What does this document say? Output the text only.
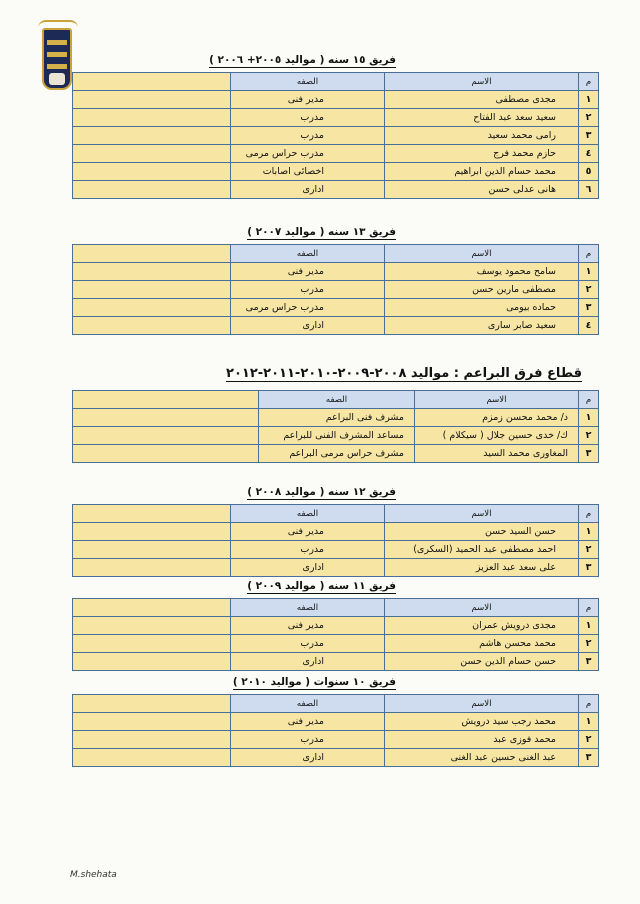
فريق ١٥ سنه ( مواليد ٢٠٠٥+ ٢٠٠٦ )
م	الاسم	الصفه	
١	مجدى مصطفى	مدير فنى	
٢	سعيد سعد عبد الفتاح	مدرب	
٣	رامى محمد سعيد	مدرب	
٤	حازم محمد فرج	مدرب حراس مرمى	
٥	محمد حسام الدين ابراهيم	اخصائى اصابات	
٦	هانى عدلى حسن	ادارى	
فريق ١٣ سنه ( مواليد ٢٠٠٧ )
م	الاسم	الصفه	
١	سامح محمود يوسف	مدير فنى	
٢	مصطفى مارين حسن	مدرب	
٣	حماده بيومى	مدرب حراس مرمى	
٤	سعيد صابر سارى	ادارى	
قطاع فرق البراعم : مواليد ٢٠٠٨-٢٠٠٩-٢٠١٠-٢٠١١-٢٠١٢
م	الاسم	الصفه	
١	د/ محمد محسن زمزم	مشرف فنى البراعم	
٢	ك/ خدى حسين جلال ( سيكلام )	مساعد المشرف الفنى للبراعم	
٣	المغاورى محمد السيد	مشرف حراس مرمى البراعم	
فريق ١٢ سنه ( مواليد ٢٠٠٨ )
م	الاسم	الصفه	
١	حسن السيد حسن	مدير فنى	
٢	احمد مصطفى عبد الحميد (السكرى)	مدرب	
٣	على سعد عبد العزيز	ادارى	
فريق ١١ سنه ( مواليد ٢٠٠٩ )
م	الاسم	الصفه	
١	مجدى درويش عمران	مدير فنى	
٢	محمد محسن هاشم	مدرب	
٣	حسن حسام الدين حسن	ادارى	
فريق ١٠ سنوات ( مواليد ٢٠١٠ )
م	الاسم	الصفه	
١	محمد رجب سيد درويش	مدير فنى	
٢	محمد فوزى عبد	مدرب	
٣	عبد الغنى حسين عبد الغنى	ادارى	
M.shehata
